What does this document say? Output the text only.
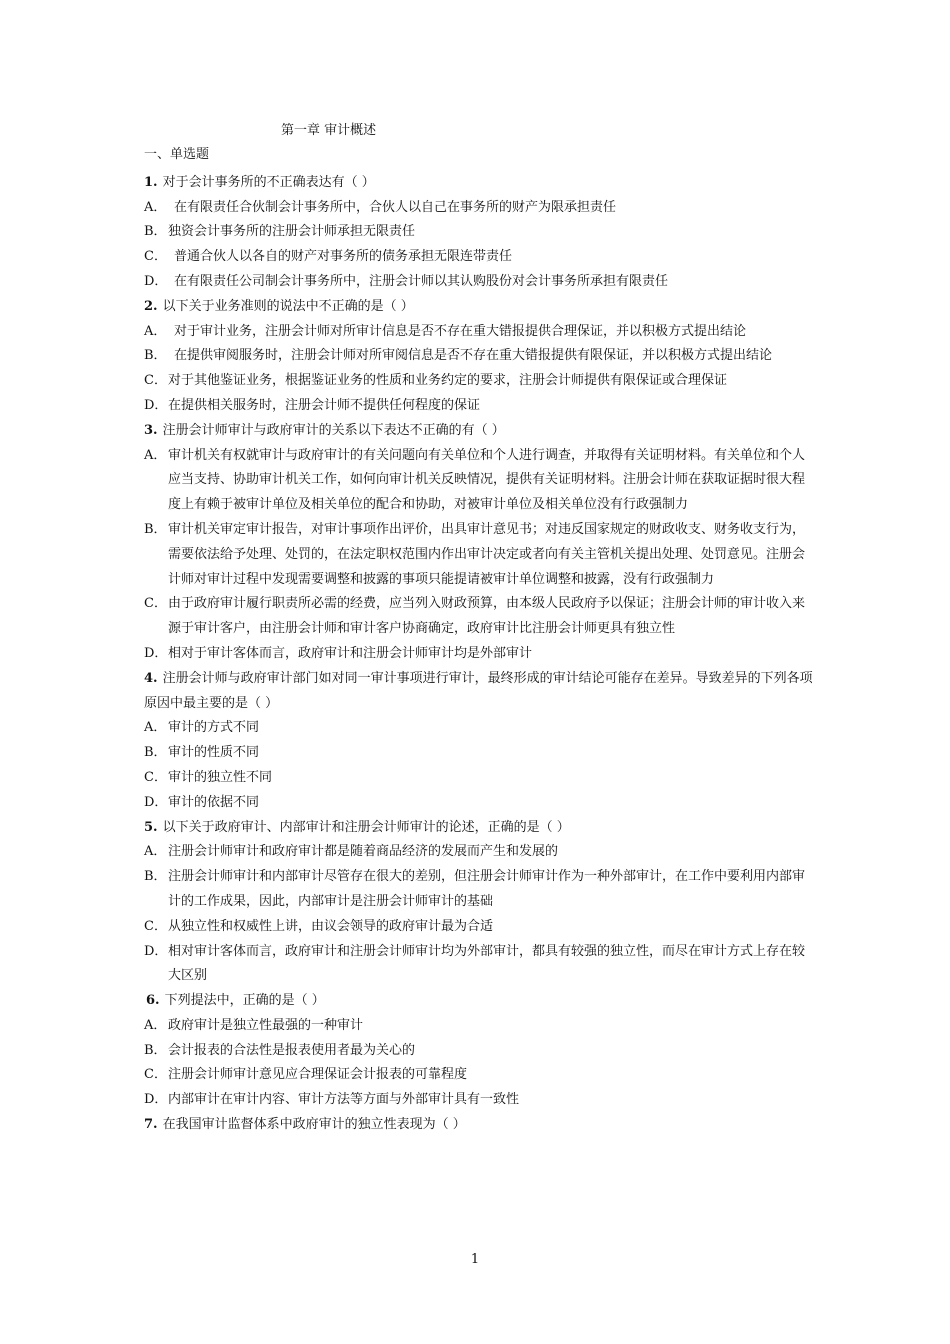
第一章 审计概述
一、单选题
1. 对于会计事务所的不正确表达有（ ）
A． 在有限责任合伙制会计事务所中，合伙人以自己在事务所的财产为限承担责任
B． 独资会计事务所的注册会计师承担无限责任
C． 普通合伙人以各自的财产对事务所的债务承担无限连带责任
D． 在有限责任公司制会计事务所中，注册会计师以其认购股份对会计事务所承担有限责任
2. 以下关于业务准则的说法中不正确的是（ ）
A． 对于审计业务，注册会计师对所审计信息是否不存在重大错报提供合理保证，并以积极方式提出结论
B． 在提供审阅服务时，注册会计师对所审阅信息是否不存在重大错报提供有限保证，并以积极方式提出结论
C． 对于其他鉴证业务，根据鉴证业务的性质和业务约定的要求，注册会计师提供有限保证或合理保证
D． 在提供相关服务时，注册会计师不提供任何程度的保证
3. 注册会计师审计与政府审计的关系以下表达不正确的有（ ）
A． 审计机关有权就审计与政府审计的有关问题向有关单位和个人进行调查，并取得有关证明材料。有关单位和个人应当支持、协助审计机关工作，如何向审计机关反映情况，提供有关证明材料。注册会计师在获取证据时很大程度上有赖于被审计单位及相关单位的配合和协助，对被审计单位及相关单位没有行政强制力
B． 审计机关审定审计报告，对审计事项作出评价，出具审计意见书；对违反国家规定的财政收支、财务收支行为，需要依法给予处理、处罚的，在法定职权范围内作出审计决定或者向有关主管机关提出处理、处罚意见。注册会计师对审计过程中发现需要调整和披露的事项只能提请被审计单位调整和披露，没有行政强制力
C． 由于政府审计履行职责所必需的经费，应当列入财政预算，由本级人民政府予以保证；注册会计师的审计收入来源于审计客户，由注册会计师和审计客户协商确定，政府审计比注册会计师更具有独立性
D． 相对于审计客体而言，政府审计和注册会计师审计均是外部审计
4. 注册会计师与政府审计部门如对同一审计事项进行审计，最终形成的审计结论可能存在差异。导致差异的下列各项原因中最主要的是（ ）
A． 审计的方式不同
B． 审计的性质不同
C． 审计的独立性不同
D． 审计的依据不同
5. 以下关于政府审计、内部审计和注册会计师审计的论述，正确的是（ ）
A． 注册会计师审计和政府审计都是随着商品经济的发展而产生和发展的
B． 注册会计师审计和内部审计尽管存在很大的差别，但注册会计师审计作为一种外部审计，在工作中要利用内部审计的工作成果，因此，内部审计是注册会计师审计的基础
C． 从独立性和权威性上讲，由议会领导的政府审计最为合适
D． 相对审计客体而言，政府审计和注册会计师审计均为外部审计，都具有较强的独立性，而尽在审计方式上存在较大区别
6. 下列提法中，正确的是（ ）
A． 政府审计是独立性最强的一种审计
B． 会计报表的合法性是报表使用者最为关心的
C． 注册会计师审计意见应合理保证会计报表的可靠程度
D． 内部审计在审计内容、审计方法等方面与外部审计具有一致性
7. 在我国审计监督体系中政府审计的独立性表现为（ ）
1
